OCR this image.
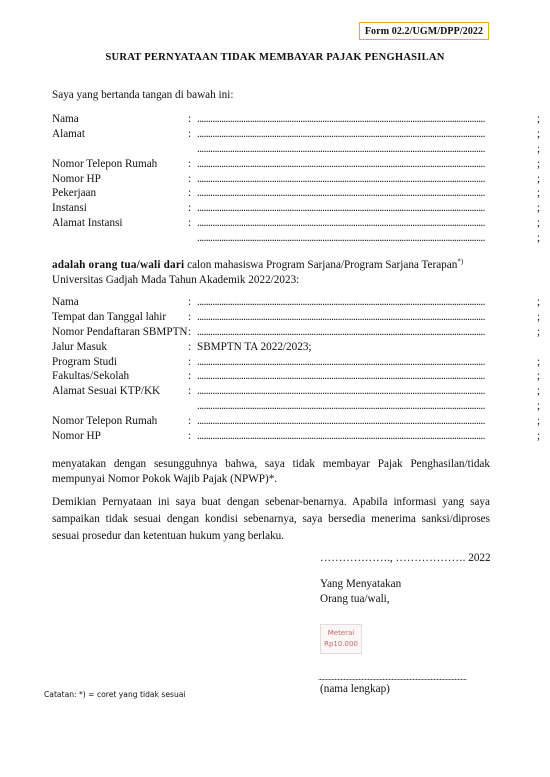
Form 02.2/UGM/DPP/2022
SURAT PERNYATAAN TIDAK MEMBAYAR PAJAK PENGHASILAN
Saya yang bertanda tangan di bawah ini:
Nama	: ...................................................................................................................................	;
Alamat	: ...................................................................................................................................	;
...................................................................................................................................	;
Nomor Telepon Rumah	: ...................................................................................................................................	;
Nomor HP	: ...................................................................................................................................	;
Pekerjaan	: ...................................................................................................................................	;
Instansi	: ...................................................................................................................................	;
Alamat Instansi	: ...................................................................................................................................	;
...................................................................................................................................	;
adalah orang tua/wali dari calon mahasiswa Program Sarjana/Program Sarjana Terapan*)
Universitas Gadjah Mada Tahun Akademik 2022/2023:
Nama	: ...................................................................................................................................	;
Tempat dan Tanggal lahir : ...................................................................................................................................	;
Nomor Pendaftaran SBMPTN : ...................................................................................................................................	;
Jalur Masuk	: SBMPTN TA 2022/2023;
Program Studi	: ...................................................................................................................................	;
Fakultas/Sekolah	: ...................................................................................................................................	;
Alamat Sesuai KTP/KK : ...................................................................................................................................	;
...................................................................................................................................	;
Nomor Telepon Rumah	: ...................................................................................................................................	;
Nomor HP	: ...................................................................................................................................	;
menyatakan dengan sesungguhnya bahwa, saya tidak membayar Pajak Penghasilan/tidak mempunyai Nomor Pokok Wajib Pajak (NPWP)*.
Demikian Pernyataan ini saya buat dengan sebenar-benarnya. Apabila informasi yang saya sampaikan tidak sesuai dengan kondisi sebenarnya, saya bersedia menerima sanksi/diproses sesuai prosedur dan ketentuan hukum yang berlaku.
………………., ………………. 2022
Yang Menyatakan
Orang tua/wali,
Meterai
Rp10.000
...................................................................................................
(nama lengkap)
Catatan: *) = coret yang tidak sesuai
